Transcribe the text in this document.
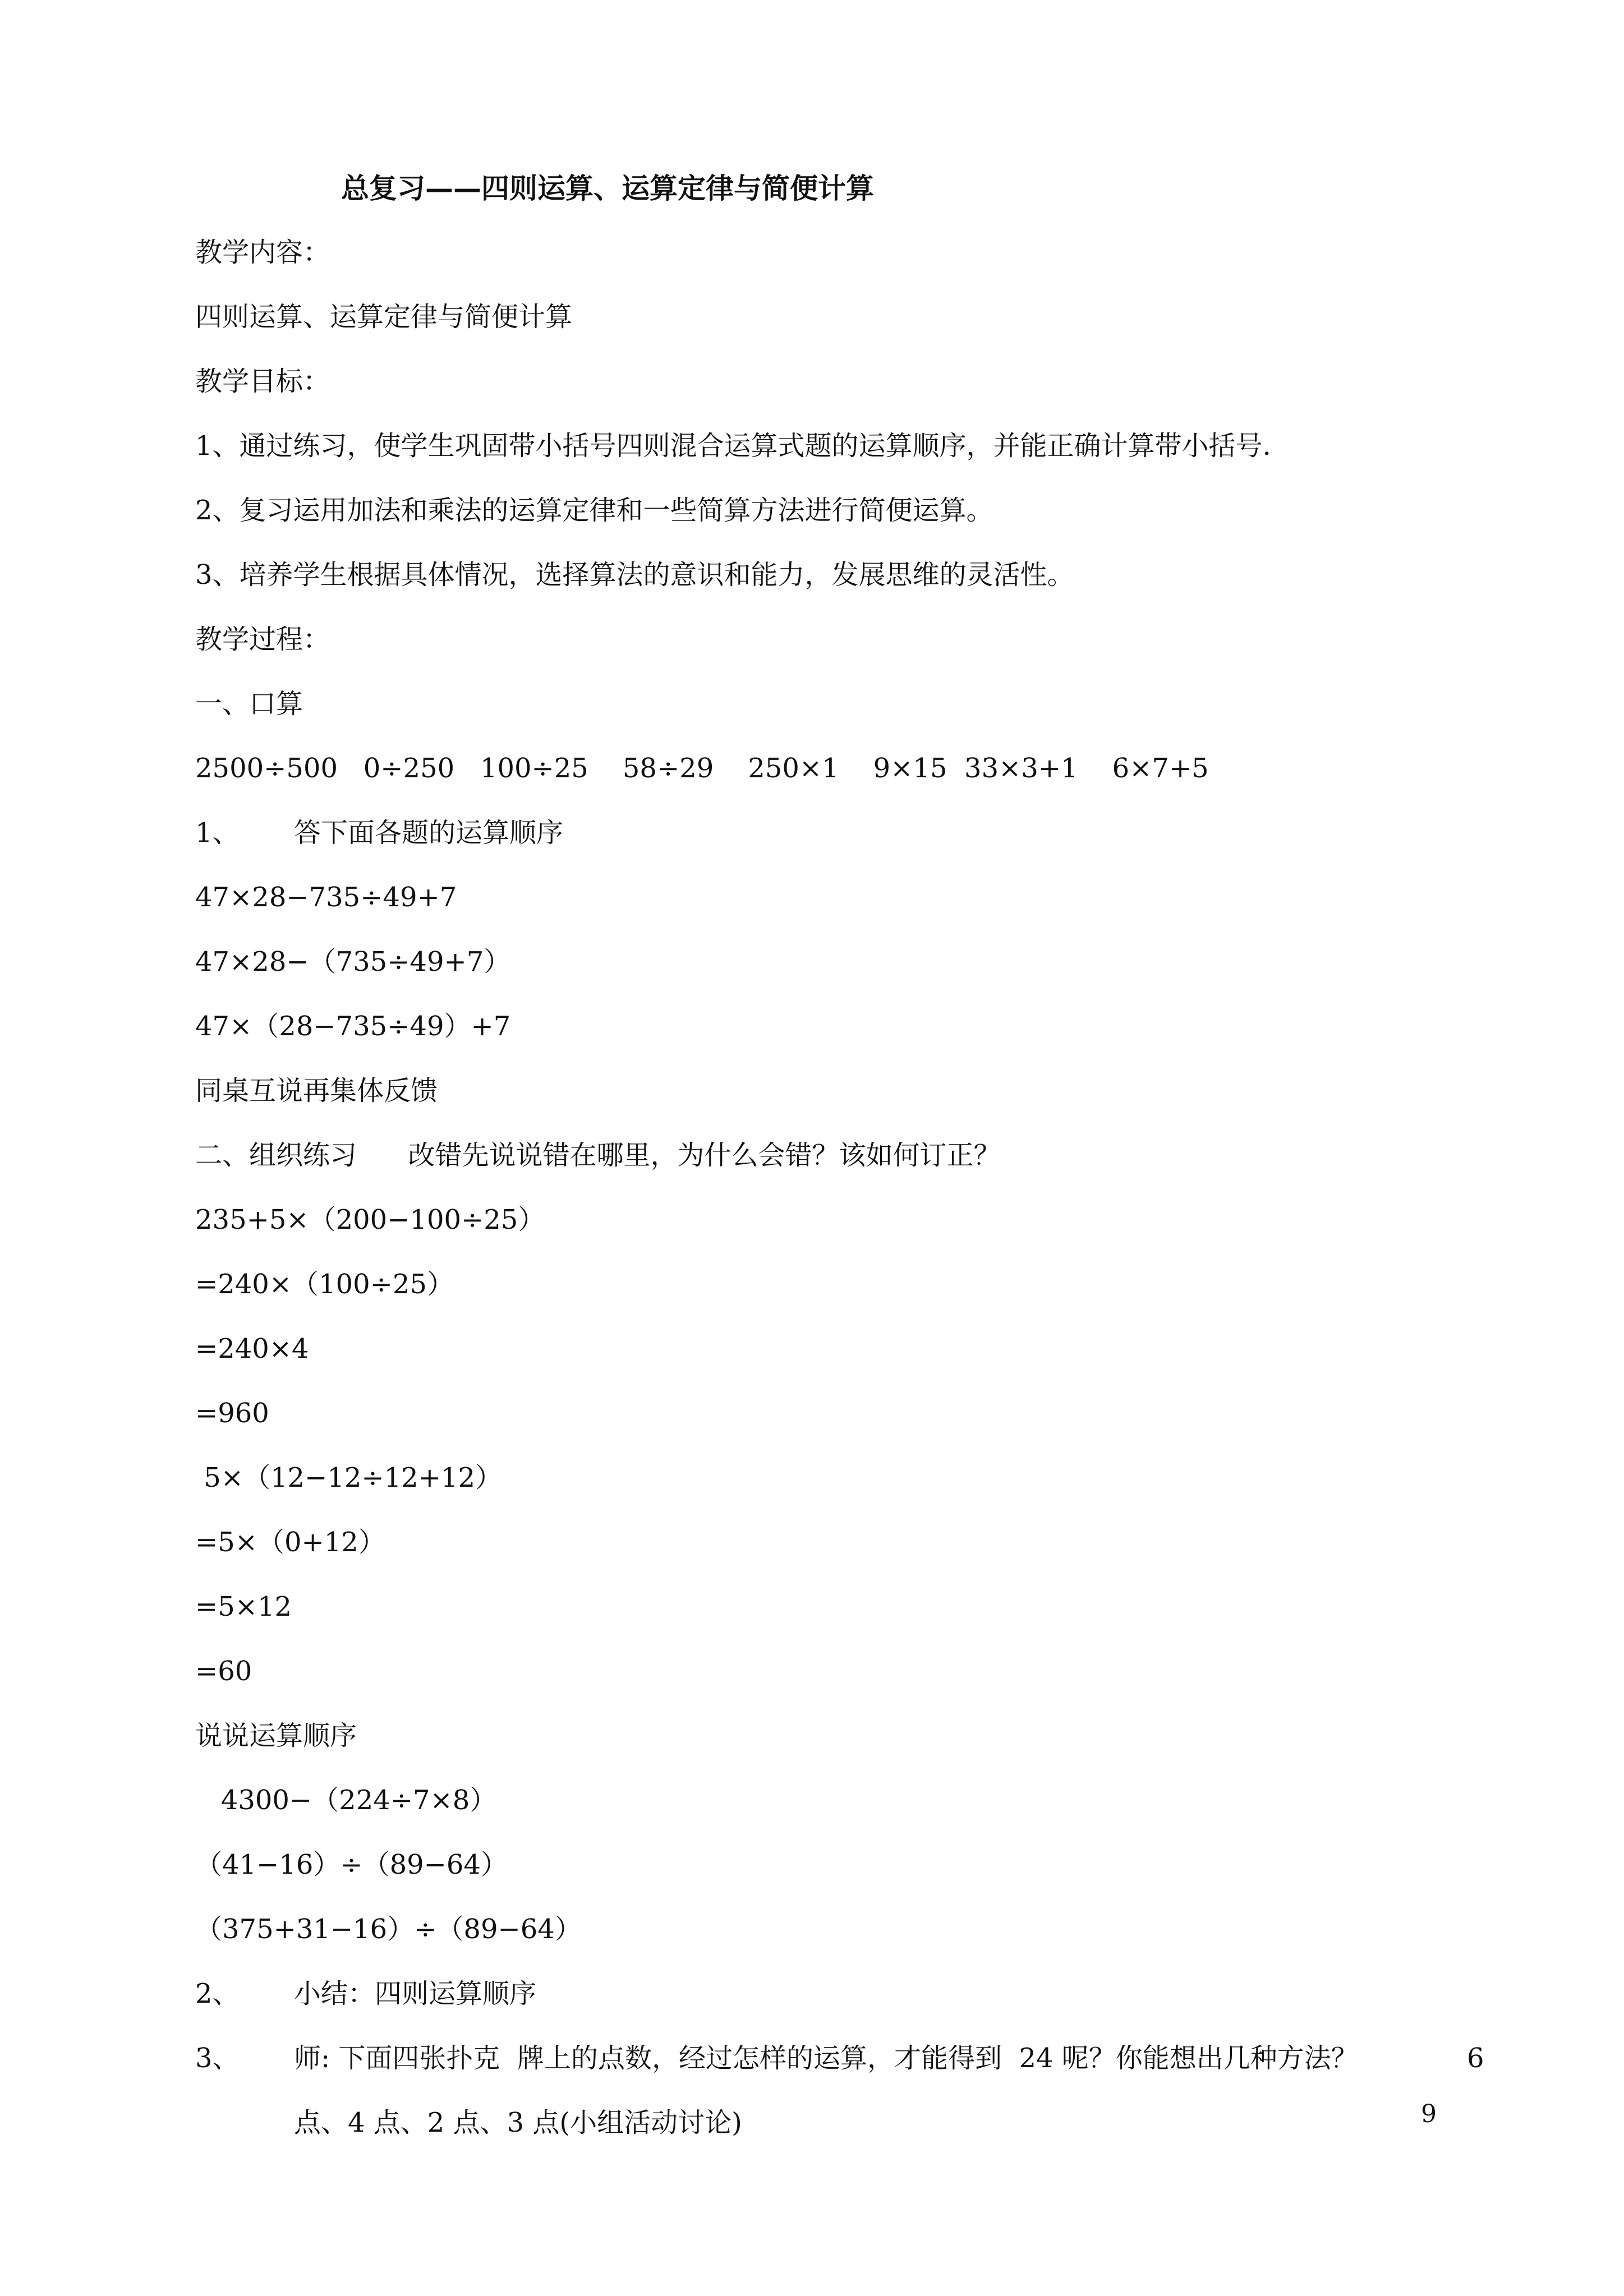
总复习——四则运算、运算定律与简便计算
教学内容：
四则运算、运算定律与简便计算
教学目标：
1、通过练习，使学生巩固带小括号四则混合运算式题的运算顺序，并能正确计算带小括号.
2、复习运用加法和乘法的运算定律和一些简算方法进行简便运算。
3、培养学生根据具体情况，选择算法的意识和能力，发展思维的灵活性。
教学过程：
一、口算
2500÷500   0÷250   100÷25    58÷29    250×1    9×15  33×3+1    6×7+5
1、 答下面各题的运算顺序
47×28−735÷49+7
47×28−（735÷49+7）
47×（28−735÷49）+7
同桌互说再集体反馈
二、组织练习      改错先说说错在哪里，为什么会错？该如何订正？
235+5×（200−100÷25）
=240×（100÷25）
=240×4
=960
5×（12−12÷12+12）
=5×（0+12）
=5×12
=60
说说运算顺序
4300−（224÷7×8）
（41−16）÷（89−64）
（375+31−16）÷（89−64）
2、 小结：四则运算顺序
3、 师: 下面四张扑克  牌上的点数，经过怎样的运算，才能得到  24 呢？你能想出几种方法？	6
点、4 点、2 点、3 点(小组活动讨论)	9
